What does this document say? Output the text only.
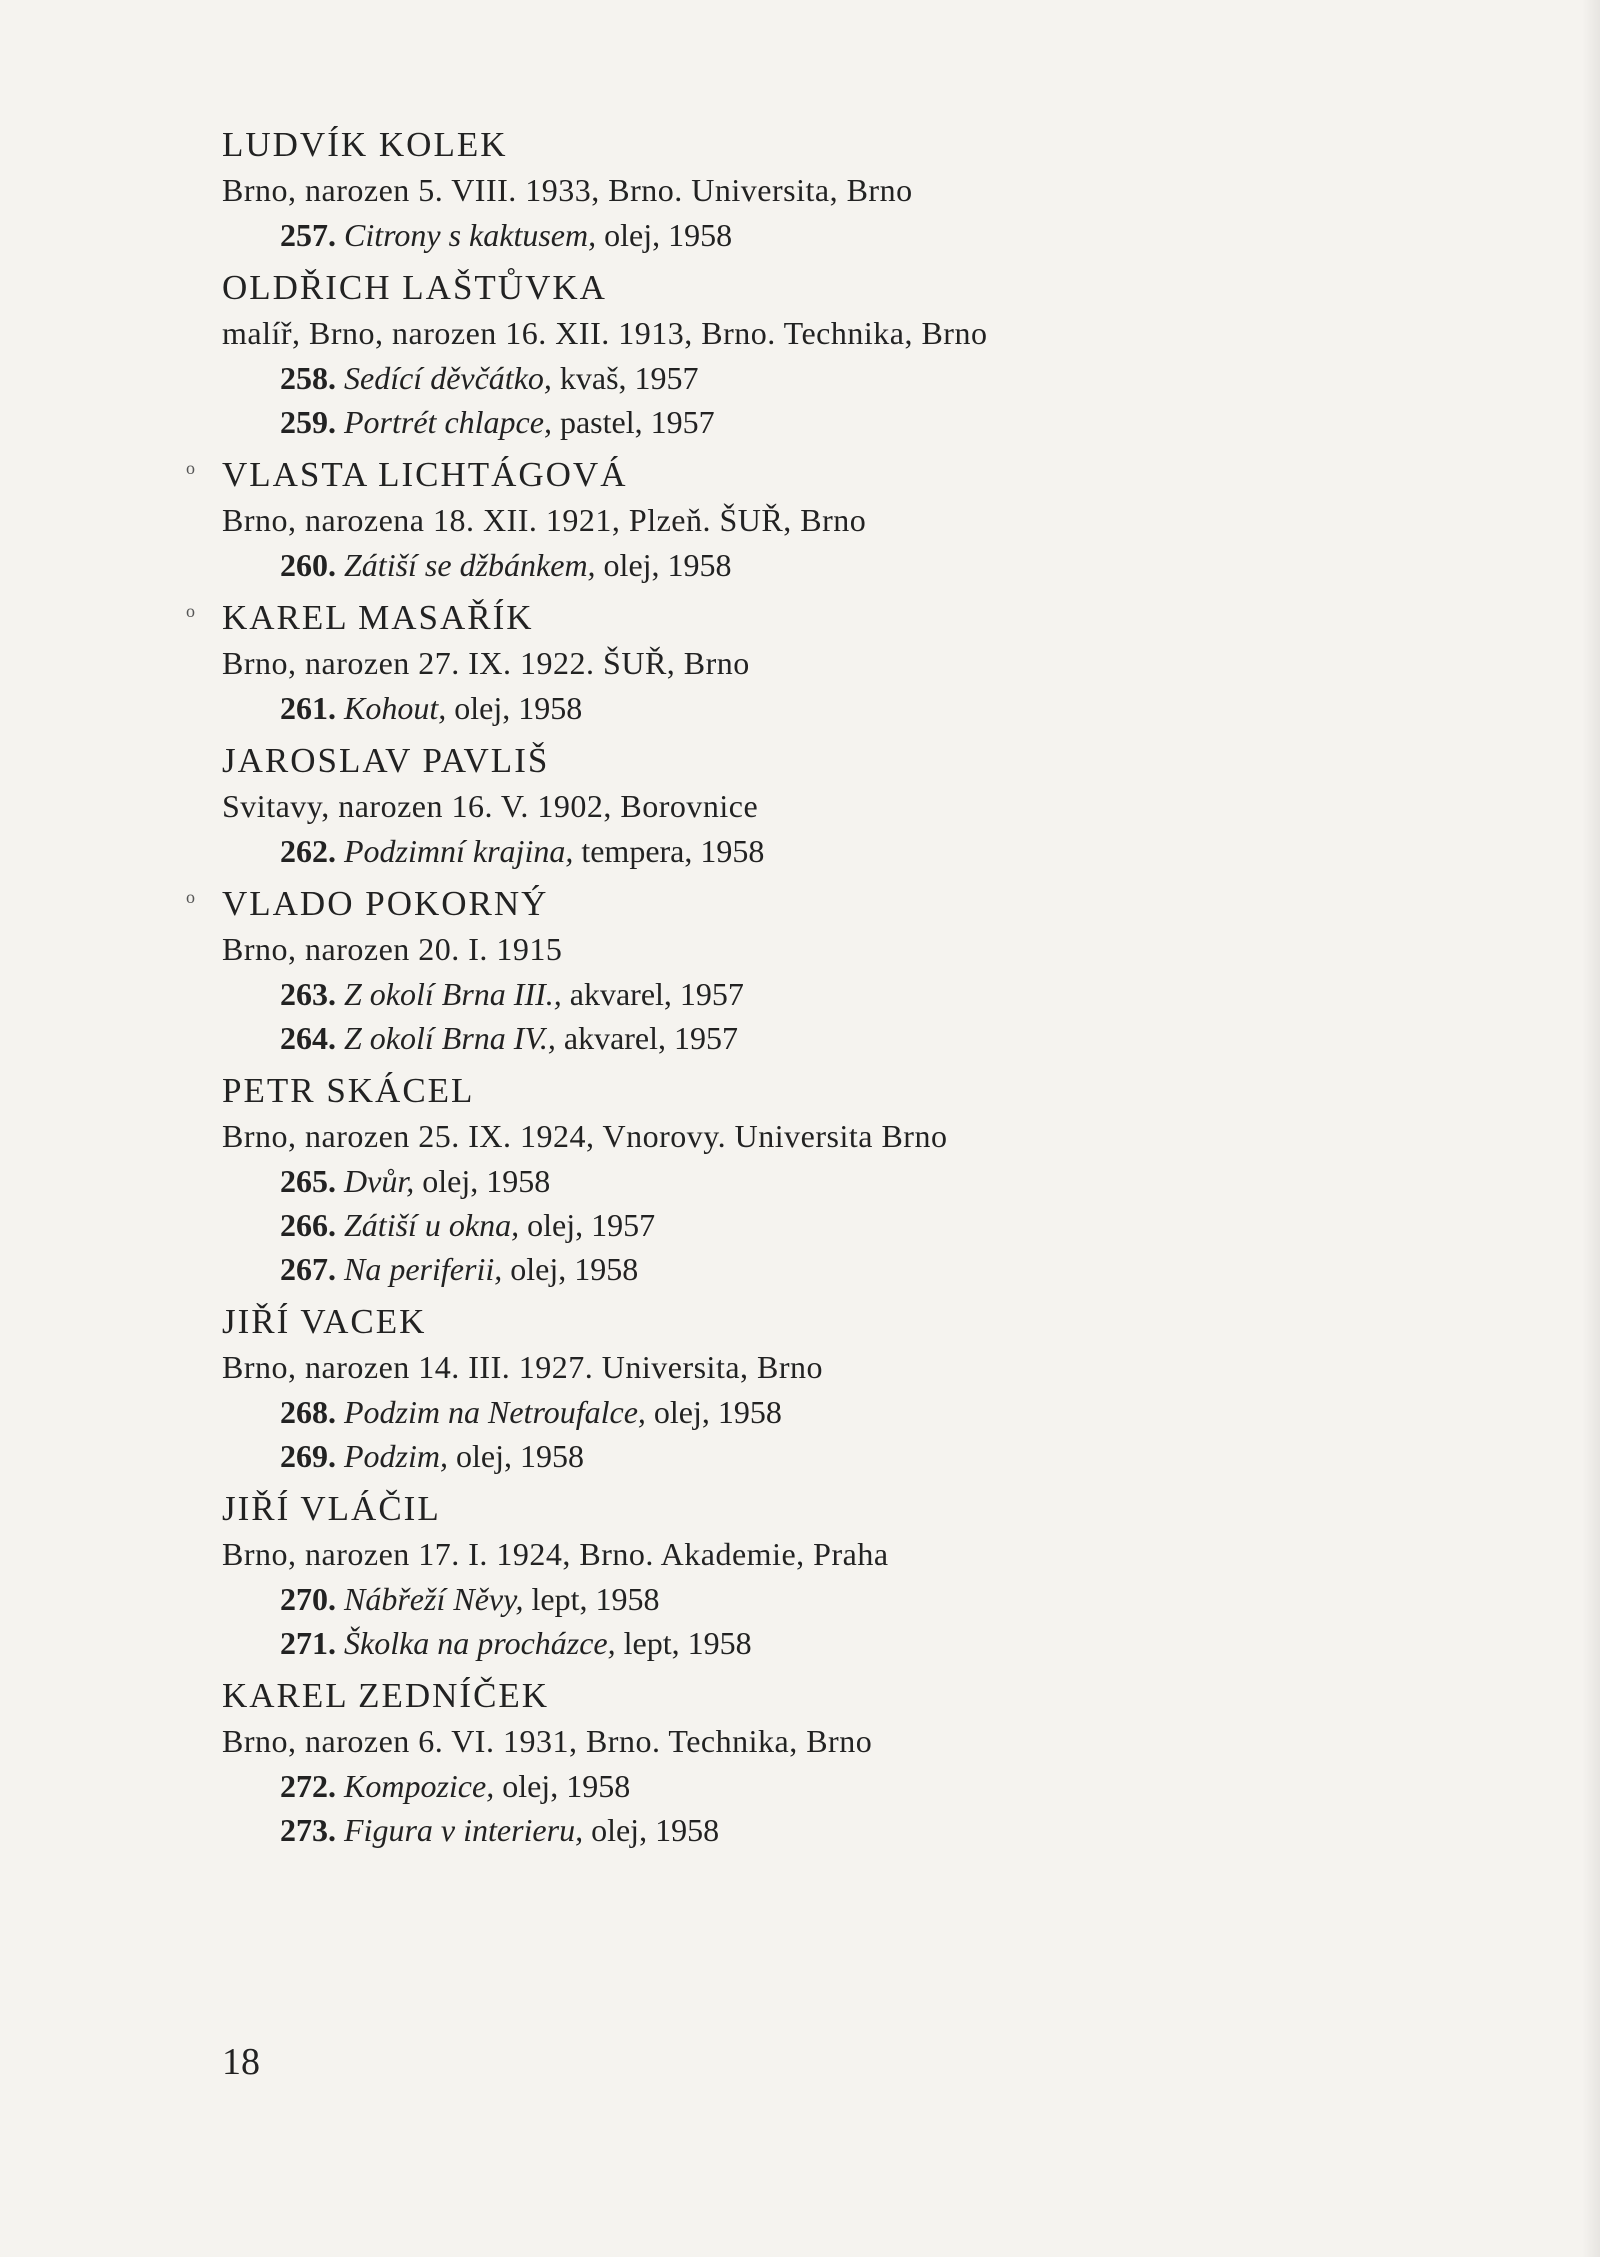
LUDVÍK KOLEK
Brno, narozen 5. VIII. 1933, Brno. Universita, Brno
257. Citrony s kaktusem, olej, 1958
OLDŘICH LAŠTŮVKA
malíř, Brno, narozen 16. XII. 1913, Brno. Technika, Brno
258. Sedící děvčátko, kvaš, 1957
259. Portrét chlapce, pastel, 1957
o VLASTA LICHTÁGOVÁ
Brno, narozena 18. XII. 1921, Plzeň. ŠUŘ, Brno
260. Zátiší se džbánkem, olej, 1958
o KAREL MASAŘÍK
Brno, narozen 27. IX. 1922. ŠUŘ, Brno
261. Kohout, olej, 1958
JAROSLAV PAVLIŠ
Svitavy, narozen 16. V. 1902, Borovnice
262. Podzimní krajina, tempera, 1958
o VLADO POKORNÝ
Brno, narozen 20. I. 1915
263. Z okolí Brna III., akvarel, 1957
264. Z okolí Brna IV., akvarel, 1957
PETR SKÁCEL
Brno, narozen 25. IX. 1924, Vnorovy. Universita Brno
265. Dvůr, olej, 1958
266. Zátiší u okna, olej, 1957
267. Na periferii, olej, 1958
JIŘÍ VACEK
Brno, narozen 14. III. 1927. Universita, Brno
268. Podzim na Netroufalce, olej, 1958
269. Podzim, olej, 1958
JIŘÍ VLÁČIL
Brno, narozen 17. I. 1924, Brno. Akademie, Praha
270. Nábřeží Něvy, lept, 1958
271. Školka na procházce, lept, 1958
KAREL ZEDNÍČEK
Brno, narozen 6. VI. 1931, Brno. Technika, Brno
272. Kompozice, olej, 1958
273. Figura v interieru, olej, 1958
18
